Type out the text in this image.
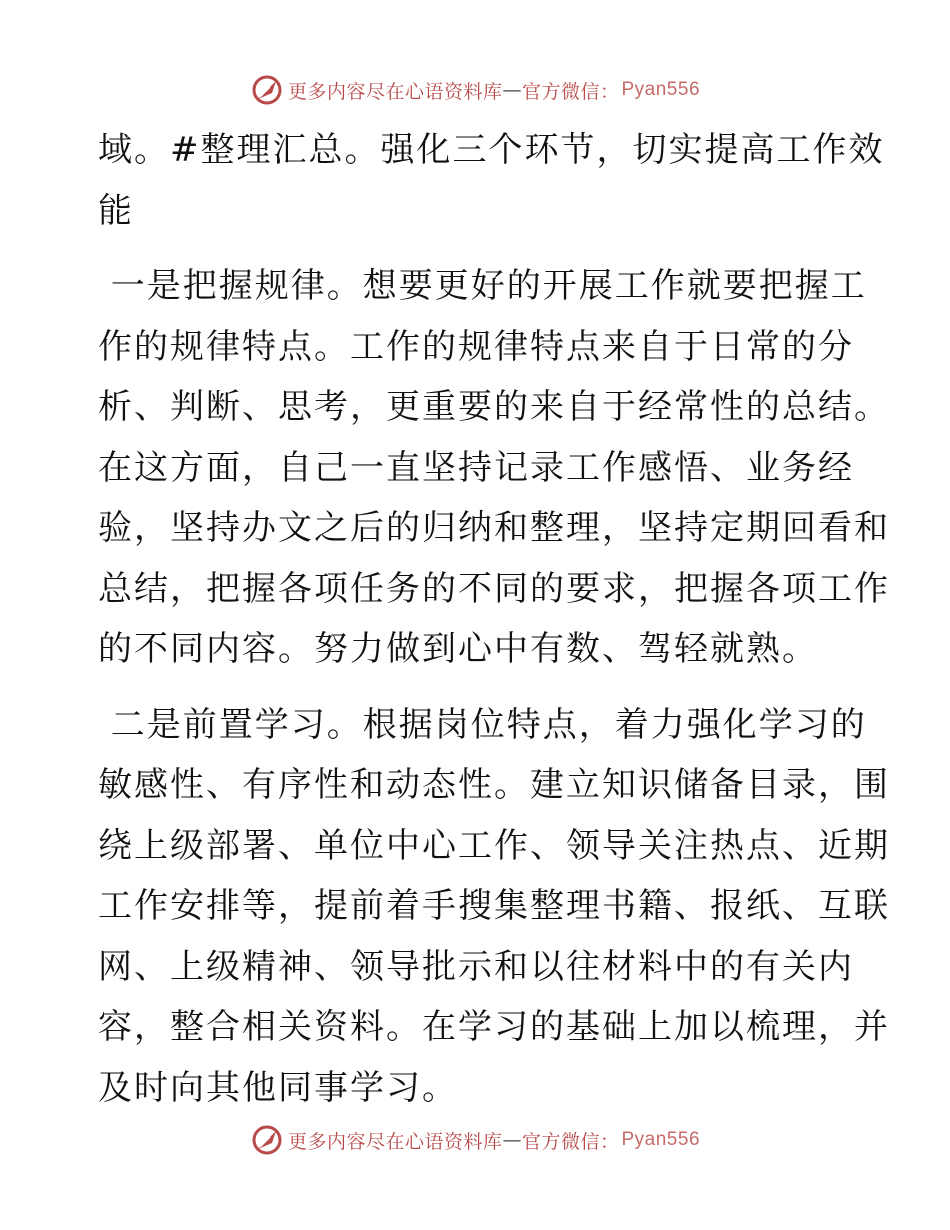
更多内容尽在心语资料库 — 官方微信： Pyan556

域。#整理汇总。强化三个环节，切实提高工作效
能

一是把握规律。想要更好的开展工作就要把握工
作的规律特点。工作的规律特点来自于日常的分
析、判断、思考，更重要的来自于经常性的总结。
在这方面，自己一直坚持记录工作感悟、业务经
验，坚持办文之后的归纳和整理，坚持定期回看和
总结，把握各项任务的不同的要求，把握各项工作
的不同内容。努力做到心中有数、驾轻就熟。

二是前置学习。根据岗位特点，着力强化学习的
敏感性、有序性和动态性。建立知识储备目录，围
绕上级部署、单位中心工作、领导关注热点、近期
工作安排等，提前着手搜集整理书籍、报纸、互联
网、上级精神、领导批示和以往材料中的有关内
容，整合相关资料。在学习的基础上加以梳理，并
及时向其他同事学习。

更多内容尽在心语资料库 — 官方微信： Pyan556
